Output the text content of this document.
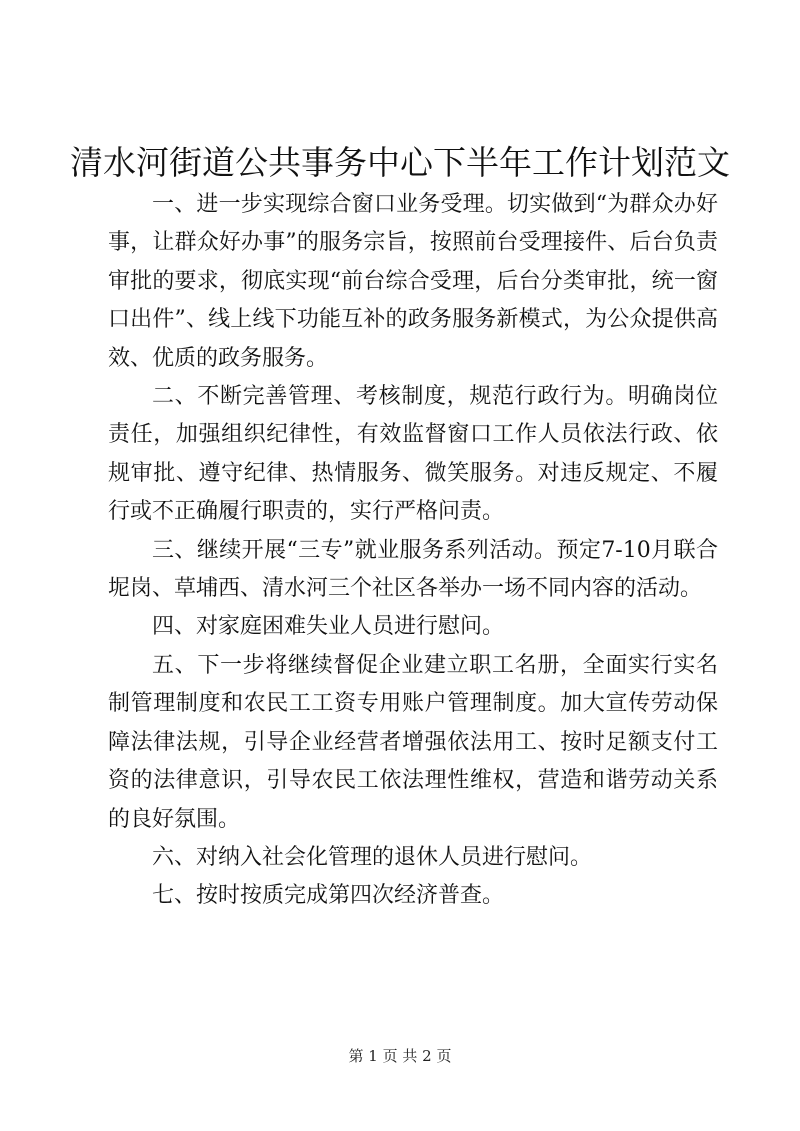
清水河街道公共事务中心下半年工作计划范文

一、进一步实现综合窗口业务受理。切实做到“为群众办好事，让群众好办事”的服务宗旨，按照前台受理接件、后台负责审批的要求，彻底实现“前台综合受理，后台分类审批，统一窗口出件”、线上线下功能互补的政务服务新模式，为公众提供高效、优质的政务服务。

二、不断完善管理、考核制度，规范行政行为。明确岗位责任，加强组织纪律性，有效监督窗口工作人员依法行政、依规审批、遵守纪律、热情服务、微笑服务。对违反规定、不履行或不正确履行职责的，实行严格问责。

三、继续开展“三专”就业服务系列活动。预定7-10月联合坭岗、草埔西、清水河三个社区各举办一场不同内容的活动。

四、对家庭困难失业人员进行慰问。

五、下一步将继续督促企业建立职工名册，全面实行实名制管理制度和农民工工资专用账户管理制度。加大宣传劳动保障法律法规，引导企业经营者增强依法用工、按时足额支付工资的法律意识，引导农民工依法理性维权，营造和谐劳动关系的良好氛围。

六、对纳入社会化管理的退休人员进行慰问。

七、按时按质完成第四次经济普查。

第 1 页 共 2 页
